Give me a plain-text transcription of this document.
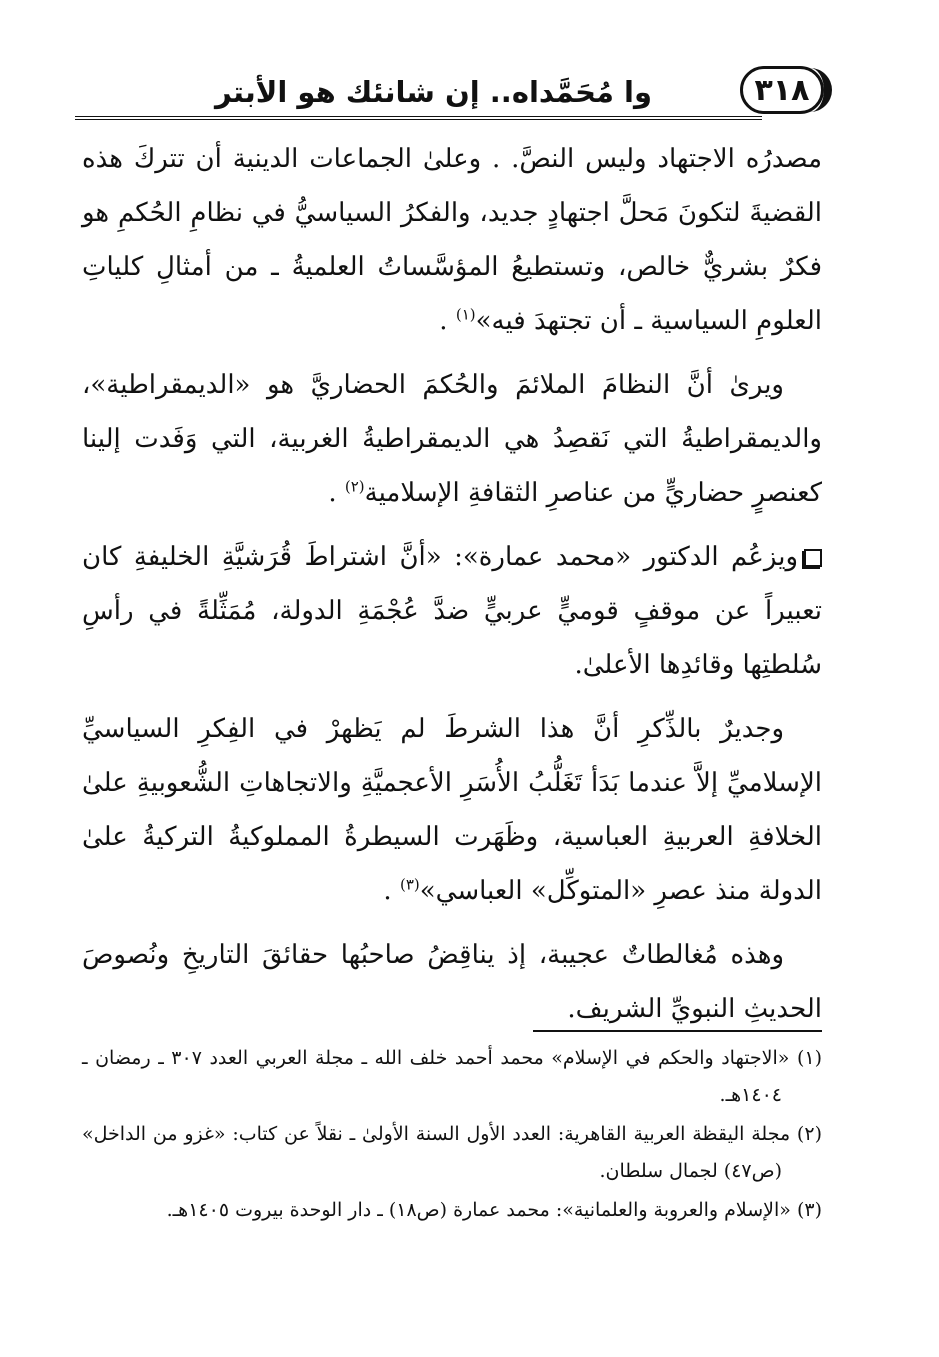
وا مُحَمَّداه.. إن شانئك هو الأبتر	٣١٨

مصدرُه الاجتهاد وليس النصَّ. . وعلىٰ الجماعات الدينية أن تتركَ هذه القضيةَ لتكونَ مَحلَّ اجتهادٍ جديد، والفكرُ السياسيُّ في نظامِ الحُكمِ هو فكرٌ بشريٌّ خالص، وتستطيعُ المؤسَّساتُ العلميةُ ـ من أمثالِ كلياتِ العلومِ السياسية ـ أن تجتهدَ فيه»$^{(١)}$ .

ويرىٰ أنَّ النظامَ الملائمَ والحُكمَ الحضاريَّ هو «الديمقراطية»، والديمقراطيةُ التي نَقصِدُ هي الديمقراطيةُ الغربية، التي وَفَدت إلينا كعنصرٍ حضاريٍّ من عناصرِ الثقافةِ الإسلامية$^{(٢)}$ .

ويزعُم الدكتور «محمد عمارة»: «أنَّ اشتراطَ قُرَشيَّةِ الخليفةِ كان تعبيراً عن موقفٍ قوميٍّ عربيٍّ ضدَّ عُجْمَةِ الدولة، مُمَثِّلةً في رأسِ سُلطتِها وقائدِها الأعلىٰ.

وجديرٌ بالذِّكرِ أنَّ هذا الشرطَ لم يَظهرْ في الفِكرِ السياسيِّ الإسلاميِّ إلاَّ عندما بَدَأ تَغَلُّبُ الأُسَرِ الأعجميَّةِ والاتجاهاتِ الشُّعوبيةِ علىٰ الخلافةِ العربيةِ العباسية، وظَهَرت السيطرةُ المملوكيةُ التركيةُ علىٰ الدولة منذ عصرِ «المتوكِّل» العباسي»$^{(٣)}$ .

وهذه مُغالطاتٌ عجيبة، إذ يناقِضُ صاحبُها حقائقَ التاريخِ ونُصوصَ الحديثِ النبويِّ الشريف.

(١) «الاجتهاد والحكم في الإسلام» محمد أحمد خلف الله ـ مجلة العربي العدد ٣٠٧ ـ رمضان ـ ١٤٠٤هـ.
(٢) مجلة اليقظة العربية القاهرية: العدد الأول السنة الأولىٰ ـ نقلاً عن كتاب: «غزو من الداخل» (ص٤٧) لجمال سلطان.
(٣) «الإسلام والعروبة والعلمانية»: محمد عمارة (ص١٨) ـ دار الوحدة بيروت ١٤٠٥هـ.
